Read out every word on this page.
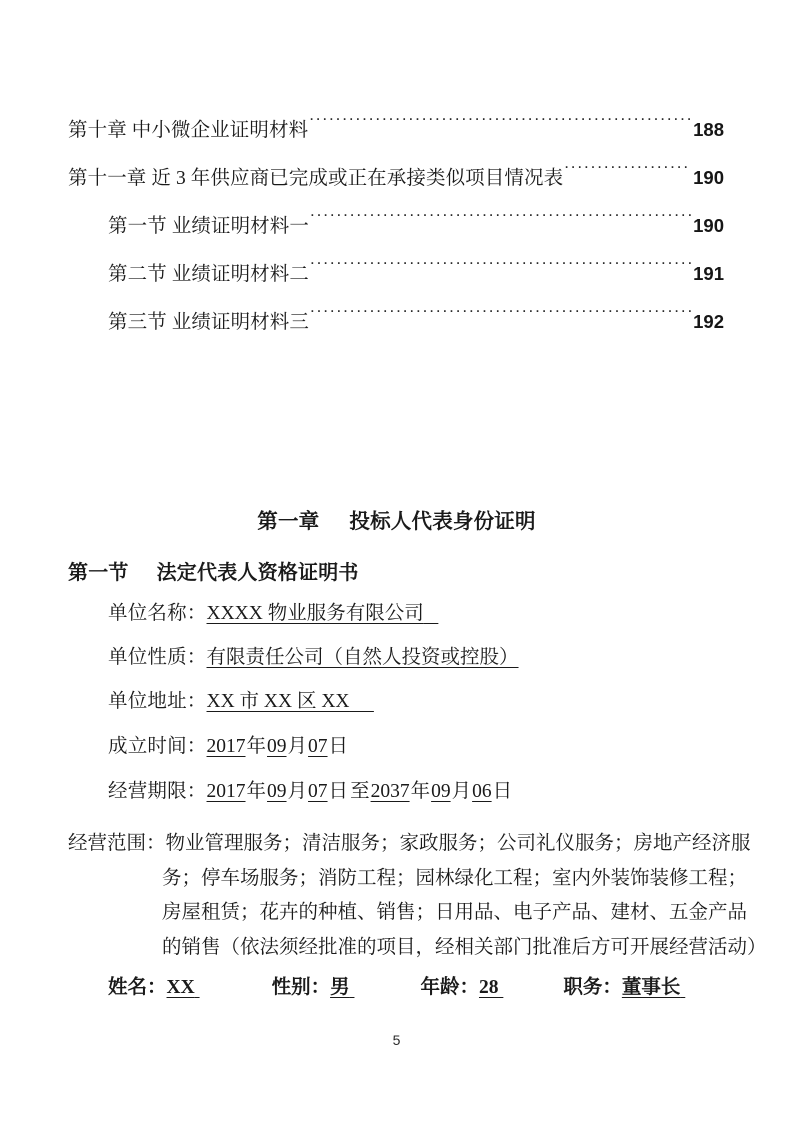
第十章 中小微企业证明材料 .....	188
第十一章 近 3 年供应商已完成或正在承接类似项目情况表 .....	190
第一节 业绩证明材料一 .....	190
第二节 业绩证明材料二 .....	191
第三节 业绩证明材料三 .....	192
第一章 投标人代表身份证明
第一节 法定代表人资格证明书
单位名称：XXXX 物业服务有限公司
单位性质：有限责任公司（自然人投资或控股）
单位地址：XX 市 XX 区 XX
成立时间：2017年09月07日
经营期限：2017年09月07日 至2037年09月06日
经营范围：物业管理服务；清洁服务；家政服务；公司礼仪服务；房地产经济服
务；停车场服务；消防工程；园林绿化工程；室内外装饰装修工程；
房屋租赁；花卉的种植、销售；日用品、电子产品、建材、五金产品
的销售（依法须经批准的项目，经相关部门批准后方可开展经营活动）
姓名：XX	性别：男	年龄：28	职务：董事长
5
